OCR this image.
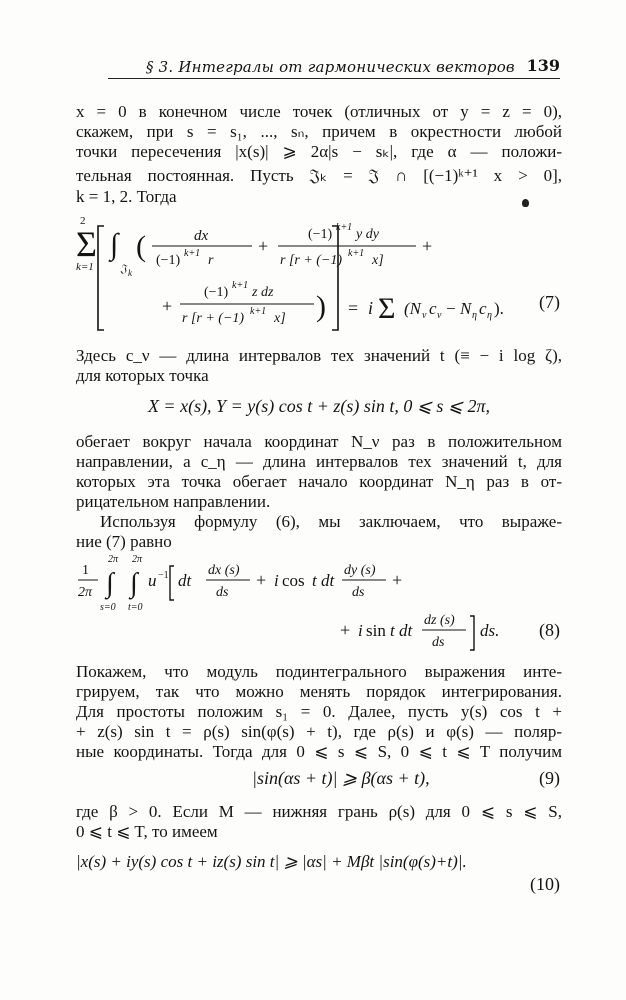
§ 3. Интегралы от гармонических векторов 139
x = 0 в конечном числе точек (отличных от y = z = 0),
скажем, при s = s₁, ..., sₙ, причем в окрестности любой
точки пересечения |x(s)| ⩾ 2α|s − sₖ|, где α — положи-
тельная постоянная. Пусть 𝔍ₖ = 𝔍 ∩ [(−1)ᵏ⁺¹ x > 0],
k = 1, 2. Тогда
2
Σ
k=1
∫
𝔍 k
(	dx
(−1) k+1 r
+
(−1) k+1 y dy
r [r + (−1) k+1 x]
+
+
(−1) k+1 z dz
r [r + (−1) k+1 x] ) = i Σ (N ν c ν − N η c η ). (7)
Здесь c_ν — длина интервалов тех значений t (≡ − i log ζ),
для которых точка
X = x(s), Y = y(s) cos t + z(s) sin t, 0 ⩽ s ⩽ 2π,
обегает вокруг начала координат N_ν раз в положительном
направлении, а c_η — длина интервалов тех значений t, для
которых эта точка обегает начало координат N_η раз в от-
рицательном направлении.
Используя формулу (6), мы заключаем, что выраже-
ние (7) равно
1
2π
2π
∫
s=0
2π
∫
t=0
u −1 dt
dx (s)
ds
+ i cos t dt
dy (s)
ds
+
+ i sin t dt
dz (s)
ds
ds. (8)
Покажем, что модуль подинтегрального выражения инте-
грируем, так что можно менять порядок интегрирования.
Для простоты положим s₁ = 0. Далее, пусть y(s) cos t +
+ z(s) sin t = ρ(s) sin(φ(s) + t), где ρ(s) и φ(s) — поляр-
ные координаты. Тогда для 0 ⩽ s ⩽ S, 0 ⩽ t ⩽ T получим
|sin(αs + t)| ⩾ β(αs + t),	(9)
где β > 0. Если M — нижняя грань ρ(s) для 0 ⩽ s ⩽ S,
0 ⩽ t ⩽ T, то имеем
|x(s) + iy(s) cos t + iz(s) sin t| ⩾ |αs| + Mβt |sin(φ(s)+t)|.
(10)
